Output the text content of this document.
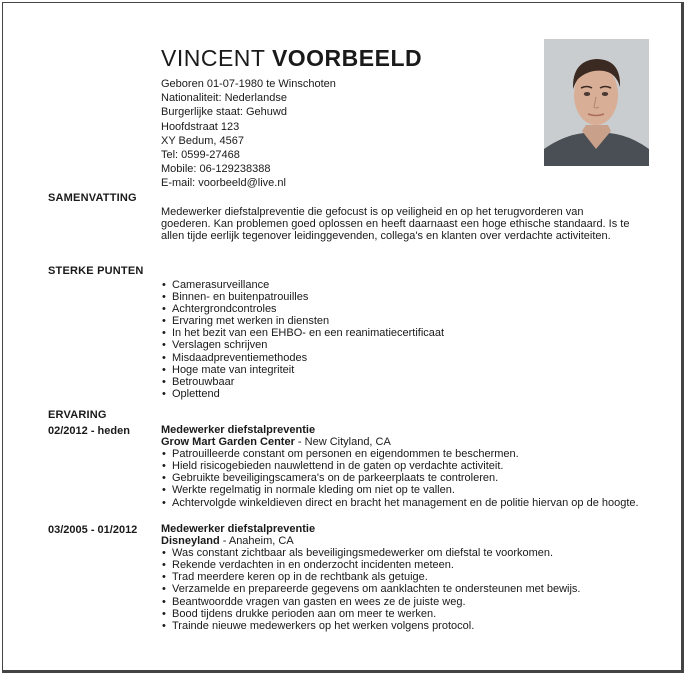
VINCENT VOORBEELD
Geboren 01-07-1980 te Winschoten
Nationaliteit: Nederlandse
Burgerlijke staat: Gehuwd
Hoofdstraat 123
XY Bedum, 4567
Tel: 0599-27468
Mobile: 06-129238388
E-mail: voorbeeld@live.nl
SAMENVATTING
Medewerker diefstalpreventie die gefocust is op veiligheid en op het terugvorderen van goederen. Kan problemen goed oplossen en heeft daarnaast een hoge ethische standaard. Is te allen tijde eerlijk tegenover leidinggevenden, collega's en klanten over verdachte activiteiten.
STERKE PUNTEN
• Camerasurveillance
• Binnen- en buitenpatrouilles
• Achtergrondcontroles
• Ervaring met werken in diensten
• In het bezit van een EHBO- en een reanimatiecertificaat
• Verslagen schrijven
• Misdaadpreventiemethodes
• Hoge mate van integriteit
• Betrouwbaar
• Oplettend
ERVARING
02/2012 - heden	Medewerker diefstalpreventie
Grow Mart Garden Center - New Cityland, CA
• Patrouilleerde constant om personen en eigendommen te beschermen.
• Hield risicogebieden nauwlettend in de gaten op verdachte activiteit.
• Gebruikte beveiligingscamera's on de parkeerplaats te controleren.
• Werkte regelmatig in normale kleding om niet op te vallen.
• Achtervolgde winkeldieven direct en bracht het management en de politie hiervan op de hoogte.
03/2005 - 01/2012 Medewerker diefstalpreventie
Disneyland - Anaheim, CA
• Was constant zichtbaar als beveiligingsmedewerker om diefstal te voorkomen.
• Rekende verdachten in en onderzocht incidenten meteen.
• Trad meerdere keren op in de rechtbank als getuige.
• Verzamelde en prepareerde gegevens om aanklachten te ondersteunen met bewijs.
• Beantwoordde vragen van gasten en wees ze de juiste weg.
• Bood tijdens drukke perioden aan om meer te werken.
• Trainde nieuwe medewerkers op het werken volgens protocol.
